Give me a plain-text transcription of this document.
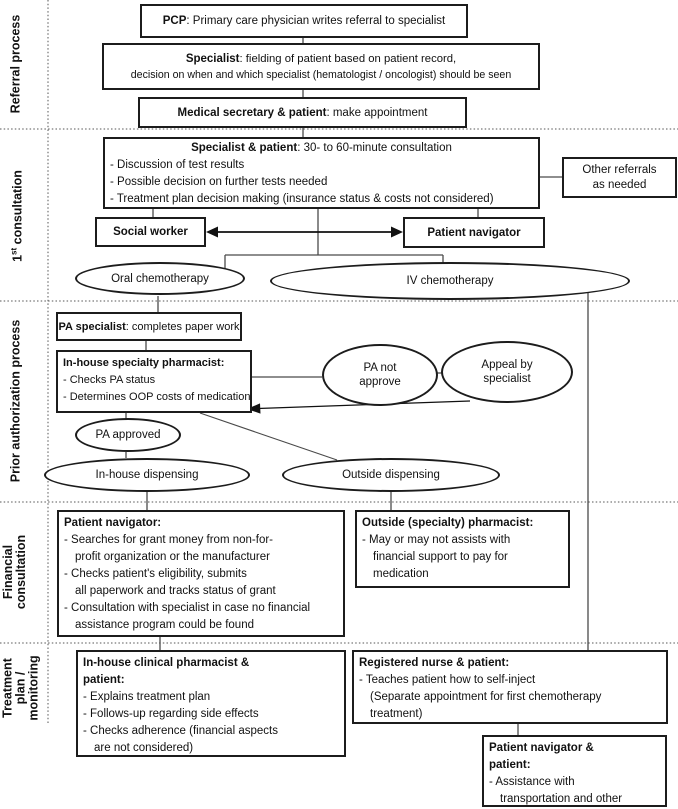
Referral process
1st consultation
Prior authorization process
Financial consultation
Treatment plan / monitoring
PCP: Primary care physician writes referral to specialist
Specialist: fielding of patient based on patient record,
decision on when and which specialist (hematologist / oncologist) should be seen
Medical secretary & patient: make appointment
Specialist & patient: 30- to 60-minute consultation
- Discussion of test results
- Possible decision on further tests needed
- Treatment plan decision making (insurance status & costs not considered)
Other referrals
as needed
Social worker	Patient navigator
Oral chemotherapy	IV chemotherapy
PA specialist: completes paper work
In-house specialty pharmacist:
- Checks PA status
- Determines OOP costs of medication
PA not
approve
Appeal by
specialist
PA approved
In-house dispensing	Outside dispensing
Patient navigator:
- Searches for grant money from non-for-
profit organization or the manufacturer
- Checks patient's eligibility, submits
all paperwork and tracks status of grant
- Consultation with specialist in case no financial
assistance program could be found
Outside (specialty) pharmacist:
- May or may not assists with
financial support to pay for
medication
In-house clinical pharmacist &
patient:
- Explains treatment plan
- Follows-up regarding side effects
- Checks adherence (financial aspects
are not considered)
Registered nurse & patient:
- Teaches patient how to self-inject
(Separate appointment for first chemotherapy
treatment)
Patient navigator &
patient:
- Assistance with
transportation and other
